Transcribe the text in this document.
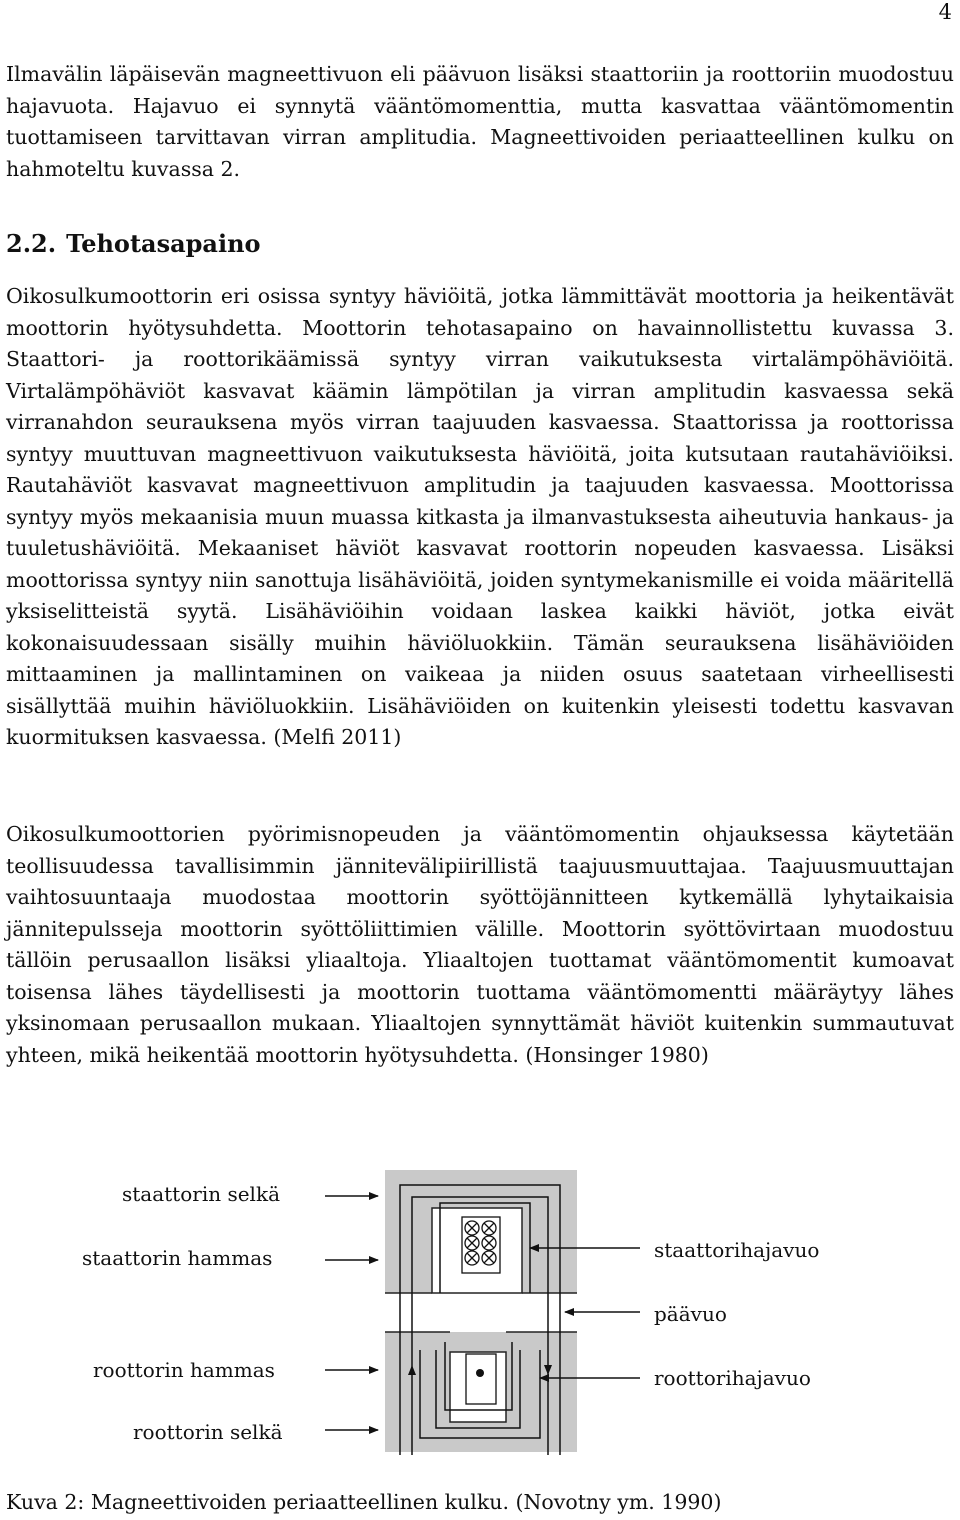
4

Ilmavälin läpäisevän magneettivuon eli päävuon lisäksi staattoriin ja roottoriin muodostuu hajavuota. Hajavuo ei synnytä vääntömomenttia, mutta kasvattaa vääntömomentin tuottamiseen tarvittavan virran amplitudia. Magneettivoiden periaatteellinen kulku on hahmoteltu kuvassa 2.

2.2. Tehotasapaino

Oikosulkumoottorin eri osissa syntyy häviöitä, jotka lämmittävät moottoria ja heikentävät moottorin hyötysuhdetta. Moottorin tehotasapaino on havainnollistettu kuvassa 3. Staattori- ja roottorikäämissä syntyy virran vaikutuksesta virtalämpöhäviöitä. Virtalämpöhäviöt kasvavat käämin lämpötilan ja virran amplitudin kasvaessa sekä virranahdon seurauksena myös virran taajuuden kasvaessa. Staattorissa ja roottorissa syntyy muuttuvan magneettivuon vaikutuksesta häviöitä, joita kutsutaan rautahäviöiksi. Rautahäviöt kasvavat magneettivuon amplitudin ja taajuuden kasvaessa. Moottorissa syntyy myös mekaanisia muun muassa kitkasta ja ilmanvastuksesta aiheutuvia hankaus- ja tuuletushäviöitä. Mekaaniset häviöt kasvavat roottorin nopeuden kasvaessa. Lisäksi moottorissa syntyy niin sanottuja lisähäviöitä, joiden syntymekanismille ei voida määritellä yksiselitteistä syytä. Lisähäviöihin voidaan laskea kaikki häviöt, jotka eivät kokonaisuudessaan sisälly muihin häviöluokkiin. Tämän seurauksena lisähäviöiden mittaaminen ja mallintaminen on vaikeaa ja niiden osuus saatetaan virheellisesti sisällyttää muihin häviöluokkiin. Lisähäviöiden on kuitenkin yleisesti todettu kasvavan kuormituksen kasvaessa. (Melfi 2011)

Oikosulkumoottorien pyörimisnopeuden ja vääntömomentin ohjauksessa käytetään teollisuudessa tavallisimmin jännitevälipiirillistä taajuusmuuttajaa. Taajuusmuuttajan vaihtosuuntaaja muodostaa moottorin syöttöjännitteen kytkemällä lyhytaikaisia jännitepulsseja moottorin syöttöliittimien välille. Moottorin syöttövirtaan muodostuu tällöin perusaallon lisäksi yliaaltoja. Yliaaltojen tuottamat vääntömomentit kumoavat toisensa lähes täydellisesti ja moottorin tuottama vääntömomentti määräytyy lähes yksinomaan perusaallon mukaan. Yliaaltojen synnyttämät häviöt kuitenkin summautuvat yhteen, mikä heikentää moottorin hyötysuhdetta. (Honsinger 1980)

staattorin selkä
staattorin hammas
roottorin hammas
roottorin selkä
staattorihajavuo
päävuo
roottorihajavuo

Kuva 2: Magneettivoiden periaatteellinen kulku. (Novotny ym. 1990)
